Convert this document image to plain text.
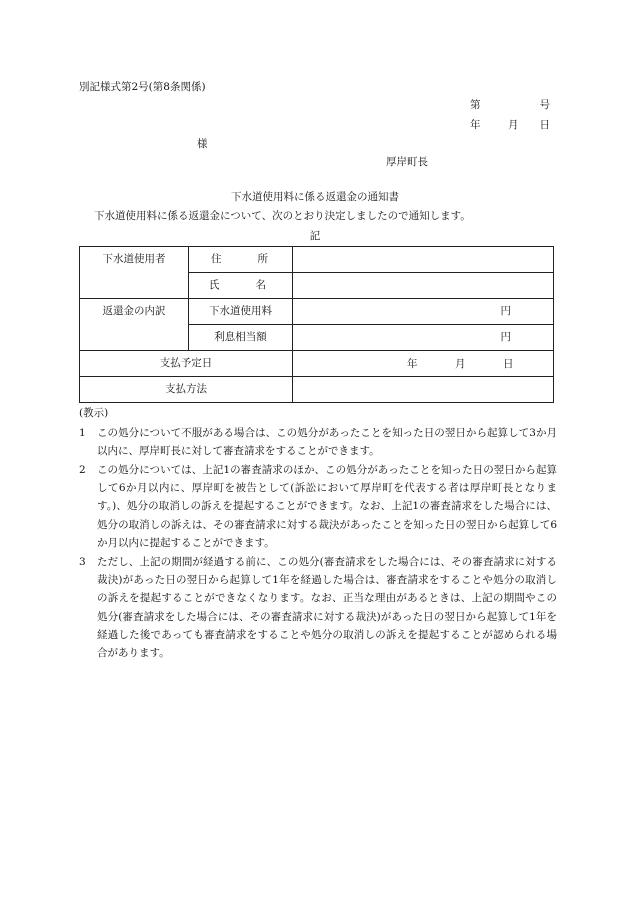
別記様式第2号(第8条関係)
第	号
年	月 日
様
厚岸町長
下水道使用料に係る返還金の通知書
下水道使用料に係る返還金について、次のとおり決定しましたので通知します。
記
下水道使用者	住 所	

	氏 名	

返還金の内訳	下水道使用料	円
	利息相当額	円
支払予定日		年 月 日

支払方法		
(教示)
1	この処分について不服がある場合は、この処分があったことを知った日の翌日から起算して3か月以内に、厚岸町長に対して審査請求をすることができます。
2	この処分については、上記1の審査請求のほか、この処分があったことを知った日の翌日から起算して6か月以内に、厚岸町を被告として(訴訟において厚岸町を代表する者は厚岸町長となります。)、処分の取消しの訴えを提起することができます。なお、上記1の審査請求をした場合には、処分の取消しの訴えは、その審査請求に対する裁決があったことを知った日の翌日から起算して6か月以内に提起することができます。
3	ただし、上記の期間が経過する前に、この処分(審査請求をした場合には、その審査請求に対する裁決)があった日の翌日から起算して1年を経過した場合は、審査請求をすることや処分の取消しの訴えを提起することができなくなります。なお、正当な理由があるときは、上記の期間やこの処分(審査請求をした場合には、その審査請求に対する裁決)があった日の翌日から起算して1年を経過した後であっても審査請求をすることや処分の取消しの訴えを提起することが認められる場合があります。
